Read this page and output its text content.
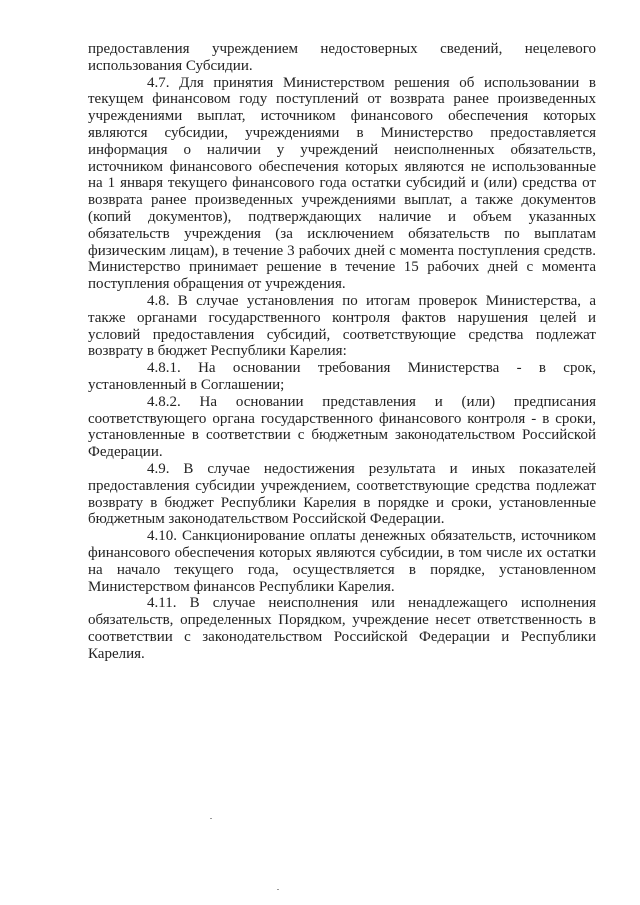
предоставления учреждением недостоверных сведений, нецелевого использования Субсидии.

4.7. Для принятия Министерством решения об использовании в текущем финансовом году поступлений от возврата ранее произведенных учреждениями выплат, источником финансового обеспечения которых являются субсидии, учреждениями в Министерство предоставляется информация о наличии у учреждений неисполненных обязательств, источником финансового обеспечения которых являются не использованные на 1 января текущего финансового года остатки субсидий и (или) средства от возврата ранее произведенных учреждениями выплат, а также документов (копий документов), подтверждающих наличие и объем указанных обязательств учреждения (за исключением обязательств по выплатам физическим лицам), в течение 3 рабочих дней с момента поступления средств. Министерство принимает решение в течение 15 рабочих дней с момента поступления обращения от учреждения.

4.8. В случае установления по итогам проверок Министерства, а также органами государственного контроля фактов нарушения целей и условий предоставления субсидий, соответствующие средства подлежат возврату в бюджет Республики Карелия:

4.8.1. На основании требования Министерства - в срок, установленный в Соглашении;

4.8.2. На основании представления и (или) предписания соответствующего органа государственного финансового контроля - в сроки, установленные в соответствии с бюджетным законодательством Российской Федерации.

4.9. В случае недостижения результата и иных показателей предоставления субсидии учреждением, соответствующие средства подлежат возврату в бюджет Республики Карелия в порядке и сроки, установленные бюджетным законодательством Российской Федерации.

4.10. Санкционирование оплаты денежных обязательств, источником финансового обеспечения которых являются субсидии, в том числе их остатки на начало текущего года, осуществляется в порядке, установленном Министерством финансов Республики Карелия.

4.11. В случае неисполнения или ненадлежащего исполнения обязательств, определенных Порядком, учреждение несет ответственность в соответствии с законодательством Российской Федерации и Республики Карелия.
